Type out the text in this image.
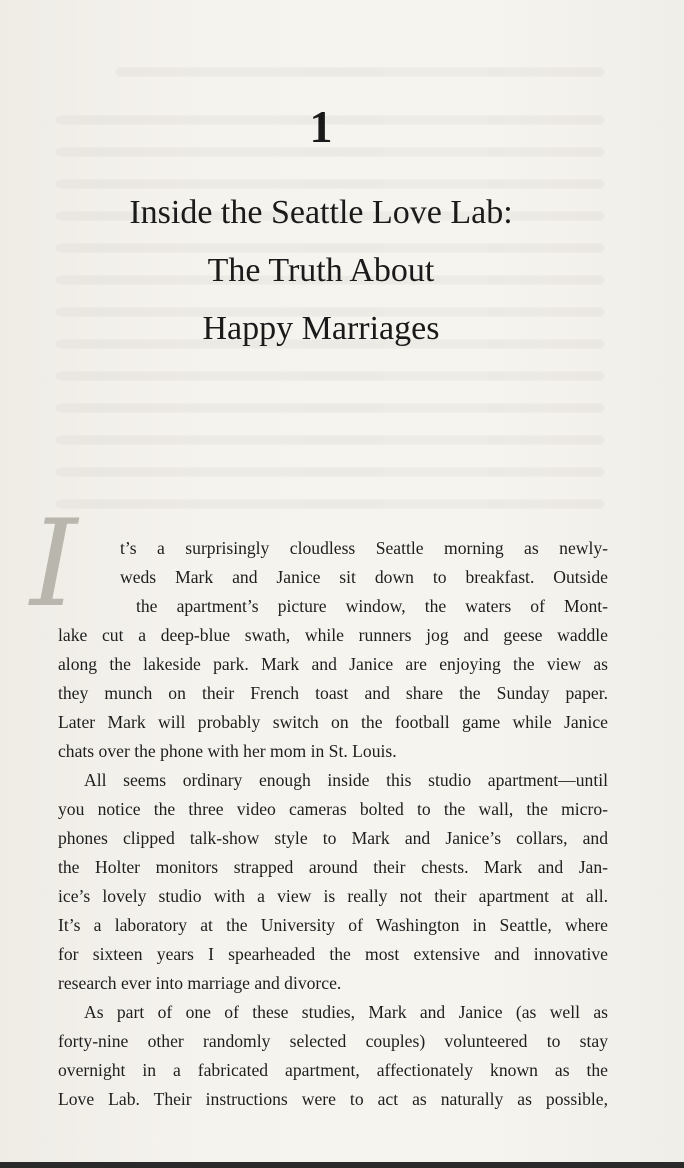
1
Inside the Seattle Love Lab:
The Truth About
Happy Marriages
I	t’s a surprisingly cloudless Seattle morning as newly-
weds Mark and Janice sit down to breakfast. Outside
the apartment’s picture window, the waters of Mont-
lake cut a deep-blue swath, while runners jog and geese waddle
along the lakeside park. Mark and Janice are enjoying the view as
they munch on their French toast and share the Sunday paper.
Later Mark will probably switch on the football game while Janice
chats over the phone with her mom in St. Louis.
All seems ordinary enough inside this studio apartment—until
you notice the three video cameras bolted to the wall, the micro-
phones clipped talk-show style to Mark and Janice’s collars, and
the Holter monitors strapped around their chests. Mark and Jan-
ice’s lovely studio with a view is really not their apartment at all.
It’s a laboratory at the University of Washington in Seattle, where
for sixteen years I spearheaded the most extensive and innovative
research ever into marriage and divorce.
As part of one of these studies, Mark and Janice (as well as
forty-nine other randomly selected couples) volunteered to stay
overnight in a fabricated apartment, affectionately known as the
Love Lab. Their instructions were to act as naturally as possible,
